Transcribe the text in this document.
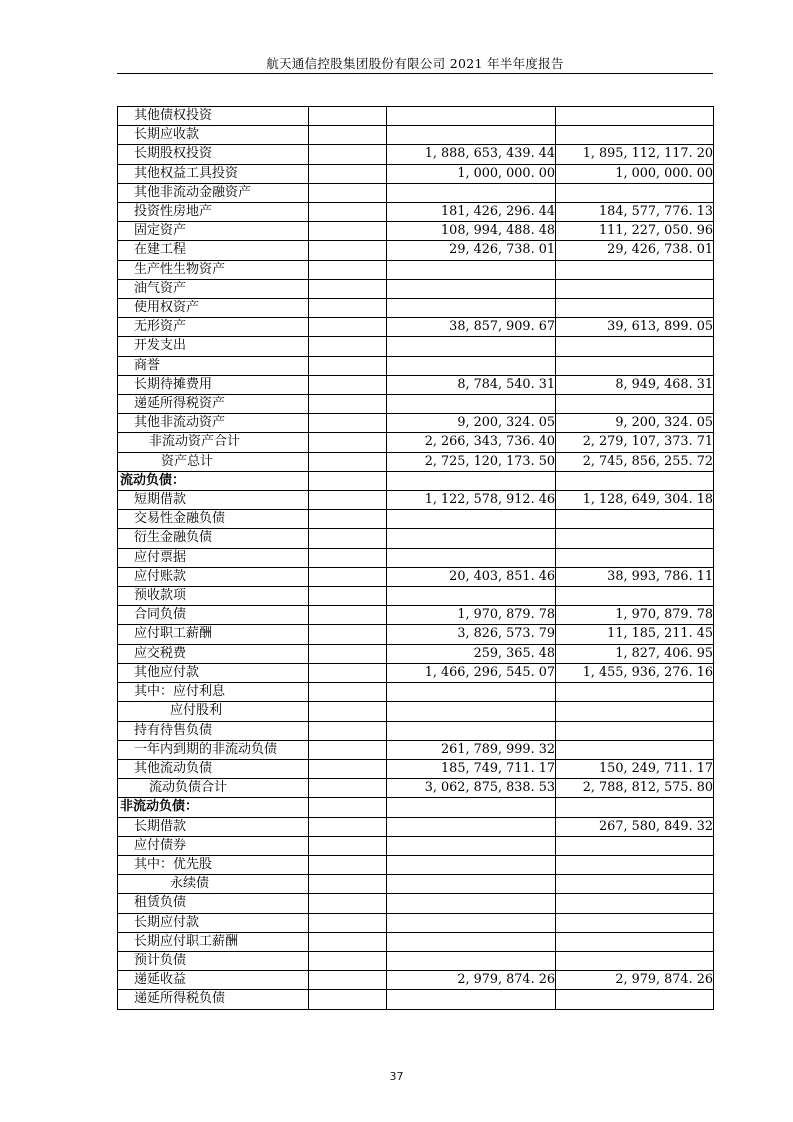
航天通信控股集团股份有限公司 2021 年半年度报告
其他债权投资			

长期应收款			

长期股权投资		1, 888, 653, 439. 44	1, 895, 112, 117. 20

其他权益工具投资		1, 000, 000. 00	1, 000, 000. 00

其他非流动金融资产			

投资性房地产		181, 426, 296. 44	184, 577, 776. 13

固定资产		108, 994, 488. 48	111, 227, 050. 96

在建工程		29, 426, 738. 01	29, 426, 738. 01

生产性生物资产			

油气资产			

使用权资产			

无形资产		38, 857, 909. 67	39, 613, 899. 05

开发支出			

商誉			

长期待摊费用		8, 784, 540. 31	8, 949, 468. 31

递延所得税资产			

其他非流动资产		9, 200, 324. 05	9, 200, 324. 05

非流动资产合计		2, 266, 343, 736. 40	2, 279, 107, 373. 71

资产总计		2, 725, 120, 173. 50	2, 745, 856, 255. 72

流动负债：			

短期借款		1, 122, 578, 912. 46	1, 128, 649, 304. 18

交易性金融负债			

衍生金融负债			

应付票据			

应付账款		20, 403, 851. 46	38, 993, 786. 11

预收款项			

合同负债		1, 970, 879. 78	1, 970, 879. 78

应付职工薪酬		3, 826, 573. 79	11, 185, 211. 45

应交税费		259, 365. 48	1, 827, 406. 95

其他应付款		1, 466, 296, 545. 07	1, 455, 936, 276. 16

其中：应付利息			

应付股利			

持有待售负债			

一年内到期的非流动负债		261, 789, 999. 32	

其他流动负债		185, 749, 711. 17	150, 249, 711. 17

流动负债合计		3, 062, 875, 838. 53	2, 788, 812, 575. 80

非流动负债：			

长期借款			267, 580, 849. 32

应付债券			

其中：优先股			

永续债			

租赁负债			

长期应付款			

长期应付职工薪酬			

预计负债			

递延收益		2, 979, 874. 26	2, 979, 874. 26

递延所得税负债			

37
